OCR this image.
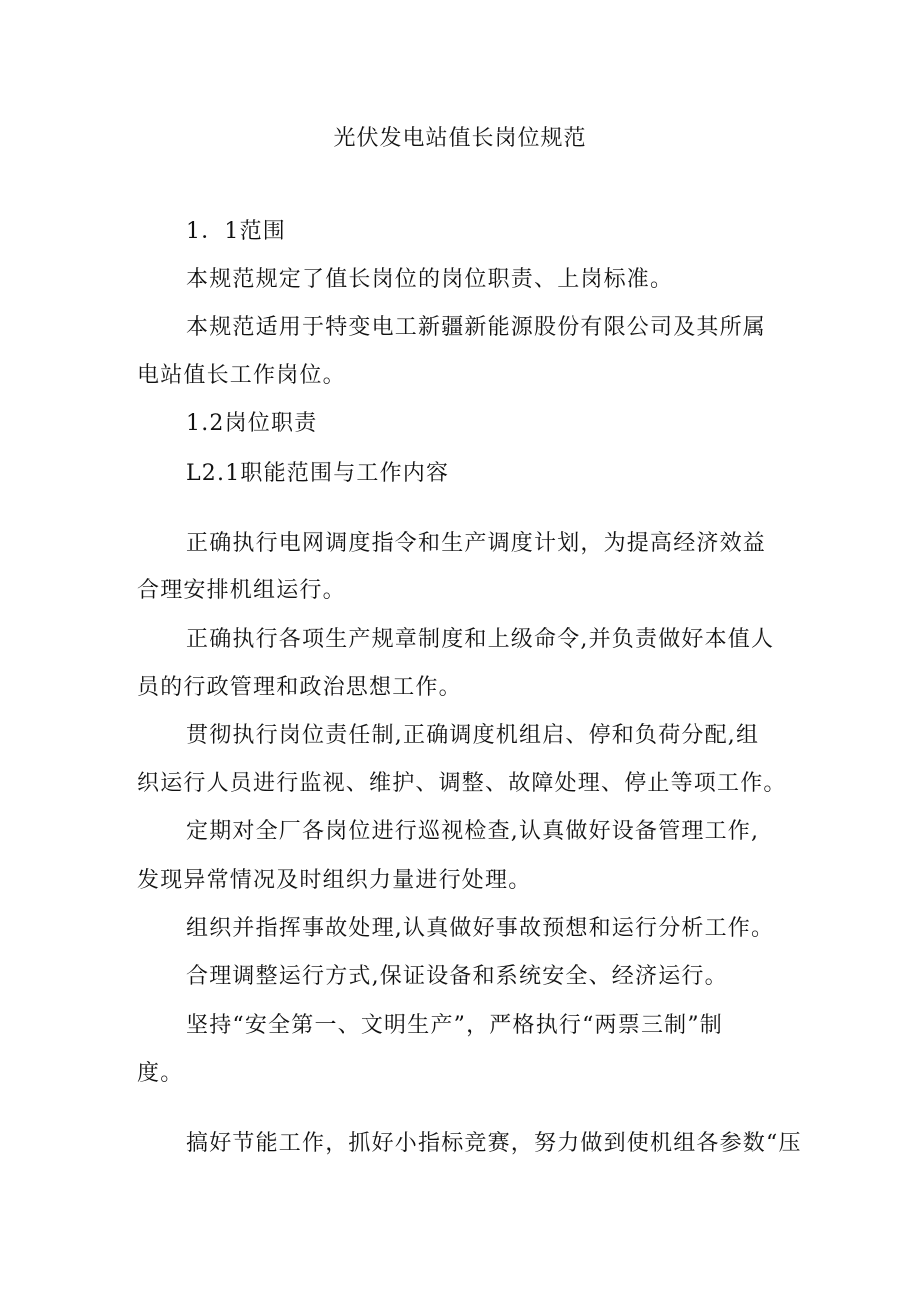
光伏发电站值长岗位规范
1．1范围
本规范规定了值长岗位的岗位职责、上岗标准。
本规范适用于特变电工新疆新能源股份有限公司及其所属
电站值长工作岗位。
1.2岗位职责
L2.1职能范围与工作内容
正确执行电网调度指令和生产调度计划，为提高经济效益
合理安排机组运行。
正确执行各项生产规章制度和上级命令,并负责做好本值人
员的行政管理和政治思想工作。
贯彻执行岗位责任制,正确调度机组启、停和负荷分配,组
织运行人员进行监视、维护、调整、故障处理、停止等项工作。
定期对全厂各岗位进行巡视检查,认真做好设备管理工作,
发现异常情况及时组织力量进行处理。
组织并指挥事故处理,认真做好事故预想和运行分析工作。
合理调整运行方式,保证设备和系统安全、经济运行。
坚持“安全第一、文明生产”，严格执行“两票三制”制
度。
搞好节能工作，抓好小指标竞赛，努力做到使机组各参数“压
